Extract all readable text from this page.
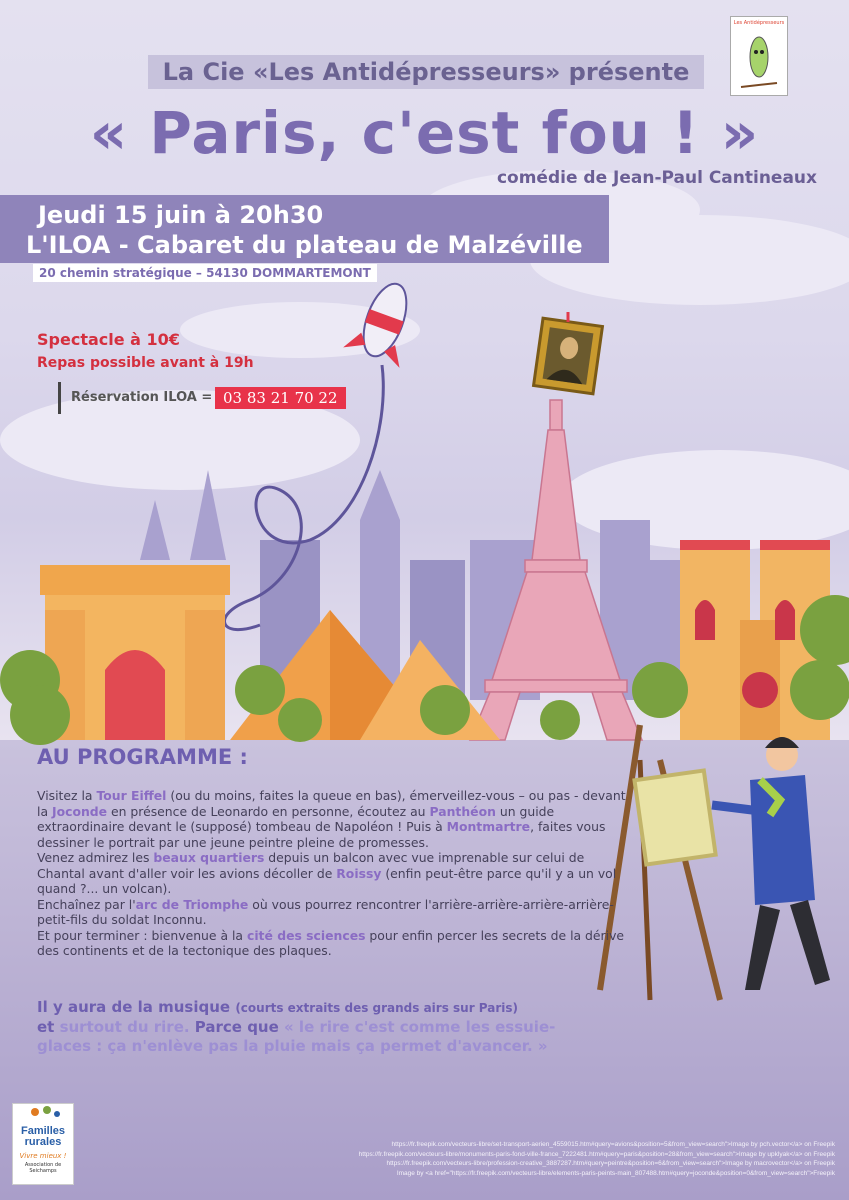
Les Antidépresseurs
La Cie «Les Antidépresseurs» présente
« Paris, c'est fou ! »
comédie de Jean-Paul Cantineaux
Jeudi 15 juin à 20h30
L'ILOA - Cabaret du plateau de Malzéville
20 chemin stratégique – 54130 DOMMARTEMONT
Spectacle à 10€
Repas possible avant à 19h
Réservation ILOA = 03 83 21 70 22
AU PROGRAMME :

Visitez la Tour Eiffel (ou du moins, faites la queue en bas), émerveillez-vous – ou pas - devant la Joconde en présence de Leonardo en personne, écoutez au Panthéon un guide extraordinaire devant le (supposé) tombeau de Napoléon ! Puis à Montmartre, faites vous dessiner le portrait par une jeune peintre pleine de promesses.

Venez admirez les beaux quartiers depuis un balcon avec vue imprenable sur celui de Chantal avant d'aller voir les avions décoller de Roissy (enfin peut-être parce qu'il y a un vol quand ?... un volcan).

Enchaînez par l'arc de Triomphe où vous pourrez rencontrer l'arrière-arrière-arrière-arrière-petit-fils du soldat Inconnu.

Et pour terminer : bienvenue à la cité des sciences pour enfin percer les secrets de la dérive des continents et de la tectonique des plaques.

Il y aura de la musique (courts extraits des grands airs sur Paris)
et surtout du rire. Parce que « le rire c'est comme les essuie-glaces : ça n'enlève pas la pluie mais ça permet d'avancer. »
Familles rurales
Vivre mieux !
Association de Seichamps

https://fr.freepik.com/vecteurs-libre/set-transport-aerien_4559015.htm#query=avions&position=5&from_view=search">Image by pch.vector</a> on Freepik

https://fr.freepik.com/vecteurs-libre/monuments-paris-fond-ville-france_7222481.htm#query=paris&position=28&from_view=search">Image by upklyak</a> on Freepik

https://fr.freepik.com/vecteurs-libre/profession-creative_3887287.htm#query=peintre&position=6&from_view=search">Image by macrovector</a> on Freepik

Image by <a href="https://fr.freepik.com/vecteurs-libre/elements-paris-peints-main_807488.htm#query=joconde&position=0&from_view=search">Freepik
